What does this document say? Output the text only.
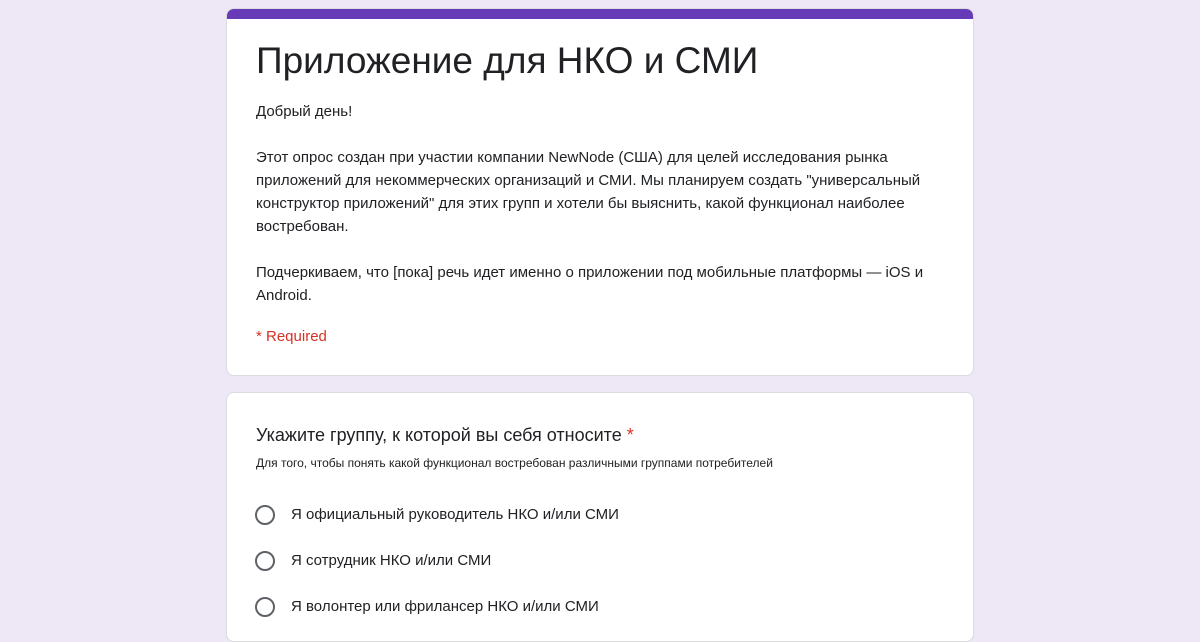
Приложение для НКО и СМИ

Добрый день!

Этот опрос создан при участии компании NewNode (США) для целей исследования рынка приложений для некоммерческих организаций и СМИ. Мы планируем создать "универсальный конструктор приложений" для этих групп и хотели бы выяснить, какой функционал наиболее востребован.

Подчеркиваем, что [пока] речь идет именно о приложении под мобильные платформы — iOS и Android.

* Required
Укажите группу, к которой вы себя относите *
Для того, чтобы понять какой функционал востребован различными группами потребителей
Я официальный руководитель НКО и/или СМИ
Я сотрудник НКО и/или СМИ
Я волонтер или фрилансер НКО и/или СМИ
